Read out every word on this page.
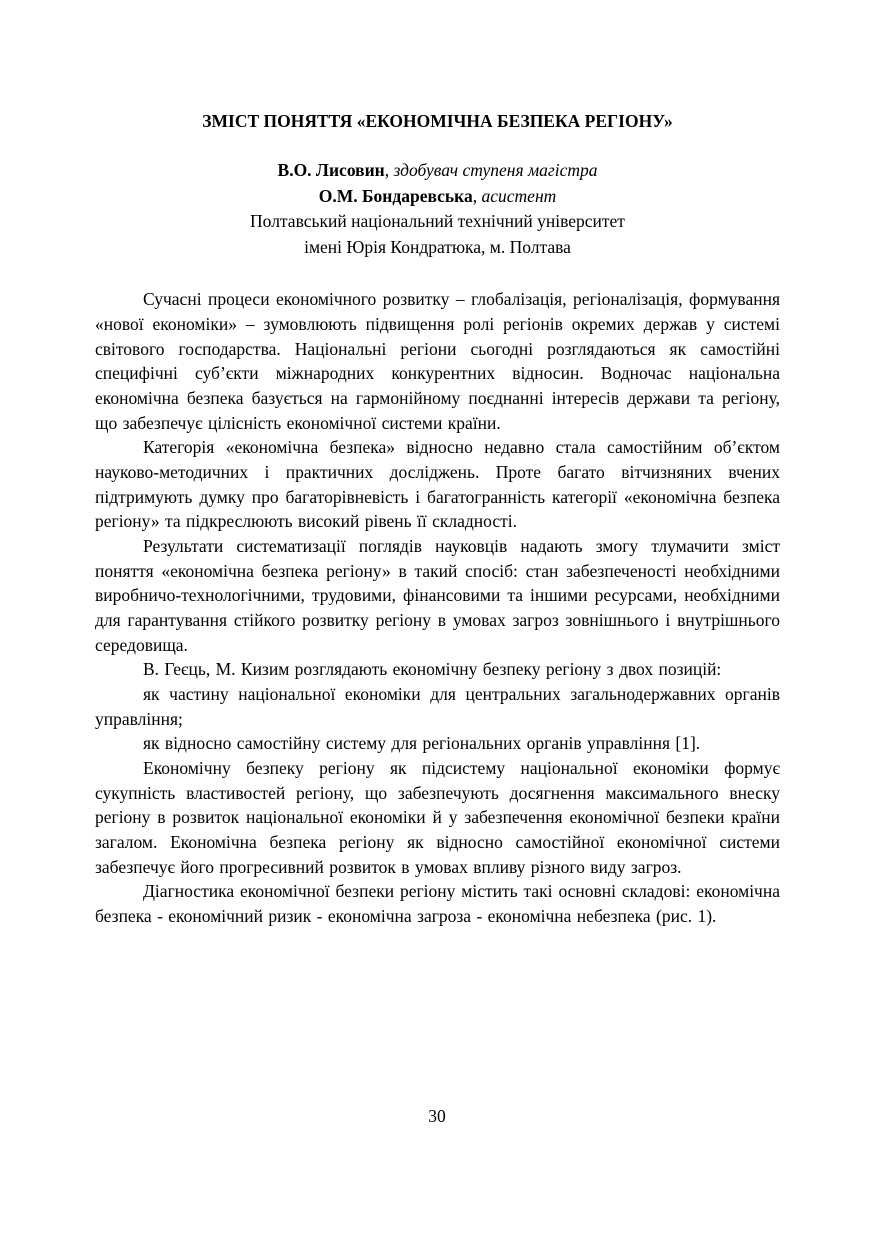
ЗМІСТ ПОНЯТТЯ «ЕКОНОМІЧНА БЕЗПЕКА РЕГІОНУ»

В.О. Лисовин, здобувач ступеня магістра

О.М. Бондаревська, асистент

Полтавський національний технічний університет

імені Юрія Кондратюка, м. Полтава

Сучасні процеси економічного розвитку – глобалізація, регіоналізація, формування «нової економіки» – зумовлюють підвищення ролі регіонів окремих держав у системі світового господарства. Національні регіони сьогодні розглядаються як самостійні специфічні суб’єкти міжнародних конкурентних відносин. Водночас національна економічна безпека базується на гармонійному поєднанні інтересів держави та регіону, що забезпечує цілісність економічної системи країни.

Категорія «економічна безпека» відносно недавно стала самостійним об’єктом науково-методичних і практичних досліджень. Проте багато вітчизняних вчених підтримують думку про багаторівневість і багатогранність категорії «економічна безпека регіону» та підкреслюють високий рівень її складності.

Результати систематизації поглядів науковців надають змогу тлумачити зміст поняття «економічна безпека регіону» в такий спосіб: стан забезпеченості необхідними виробничо-технологічними, трудовими, фінансовими та іншими ресурсами, необхідними для гарантування стійкого розвитку регіону в умовах загроз зовнішнього і внутрішнього середовища.

В. Геєць, М. Кизим розглядають економічну безпеку регіону з двох позицій:

як частину національної економіки для центральних загальнодержавних органів управління;

як відносно самостійну систему для регіональних органів управління [1].

Економічну безпеку регіону як підсистему національної економіки формує сукупність властивостей регіону, що забезпечують досягнення максимального внеску регіону в розвиток національної економіки й у забезпечення економічної безпеки країни загалом. Економічна безпека регіону як відносно самостійної економічної системи забезпечує його прогресивний розвиток в умовах впливу різного виду загроз.

Діагностика економічної безпеки регіону містить такі основні складові: економічна безпека - економічний ризик - економічна загроза - економічна небезпека (рис. 1).

30
